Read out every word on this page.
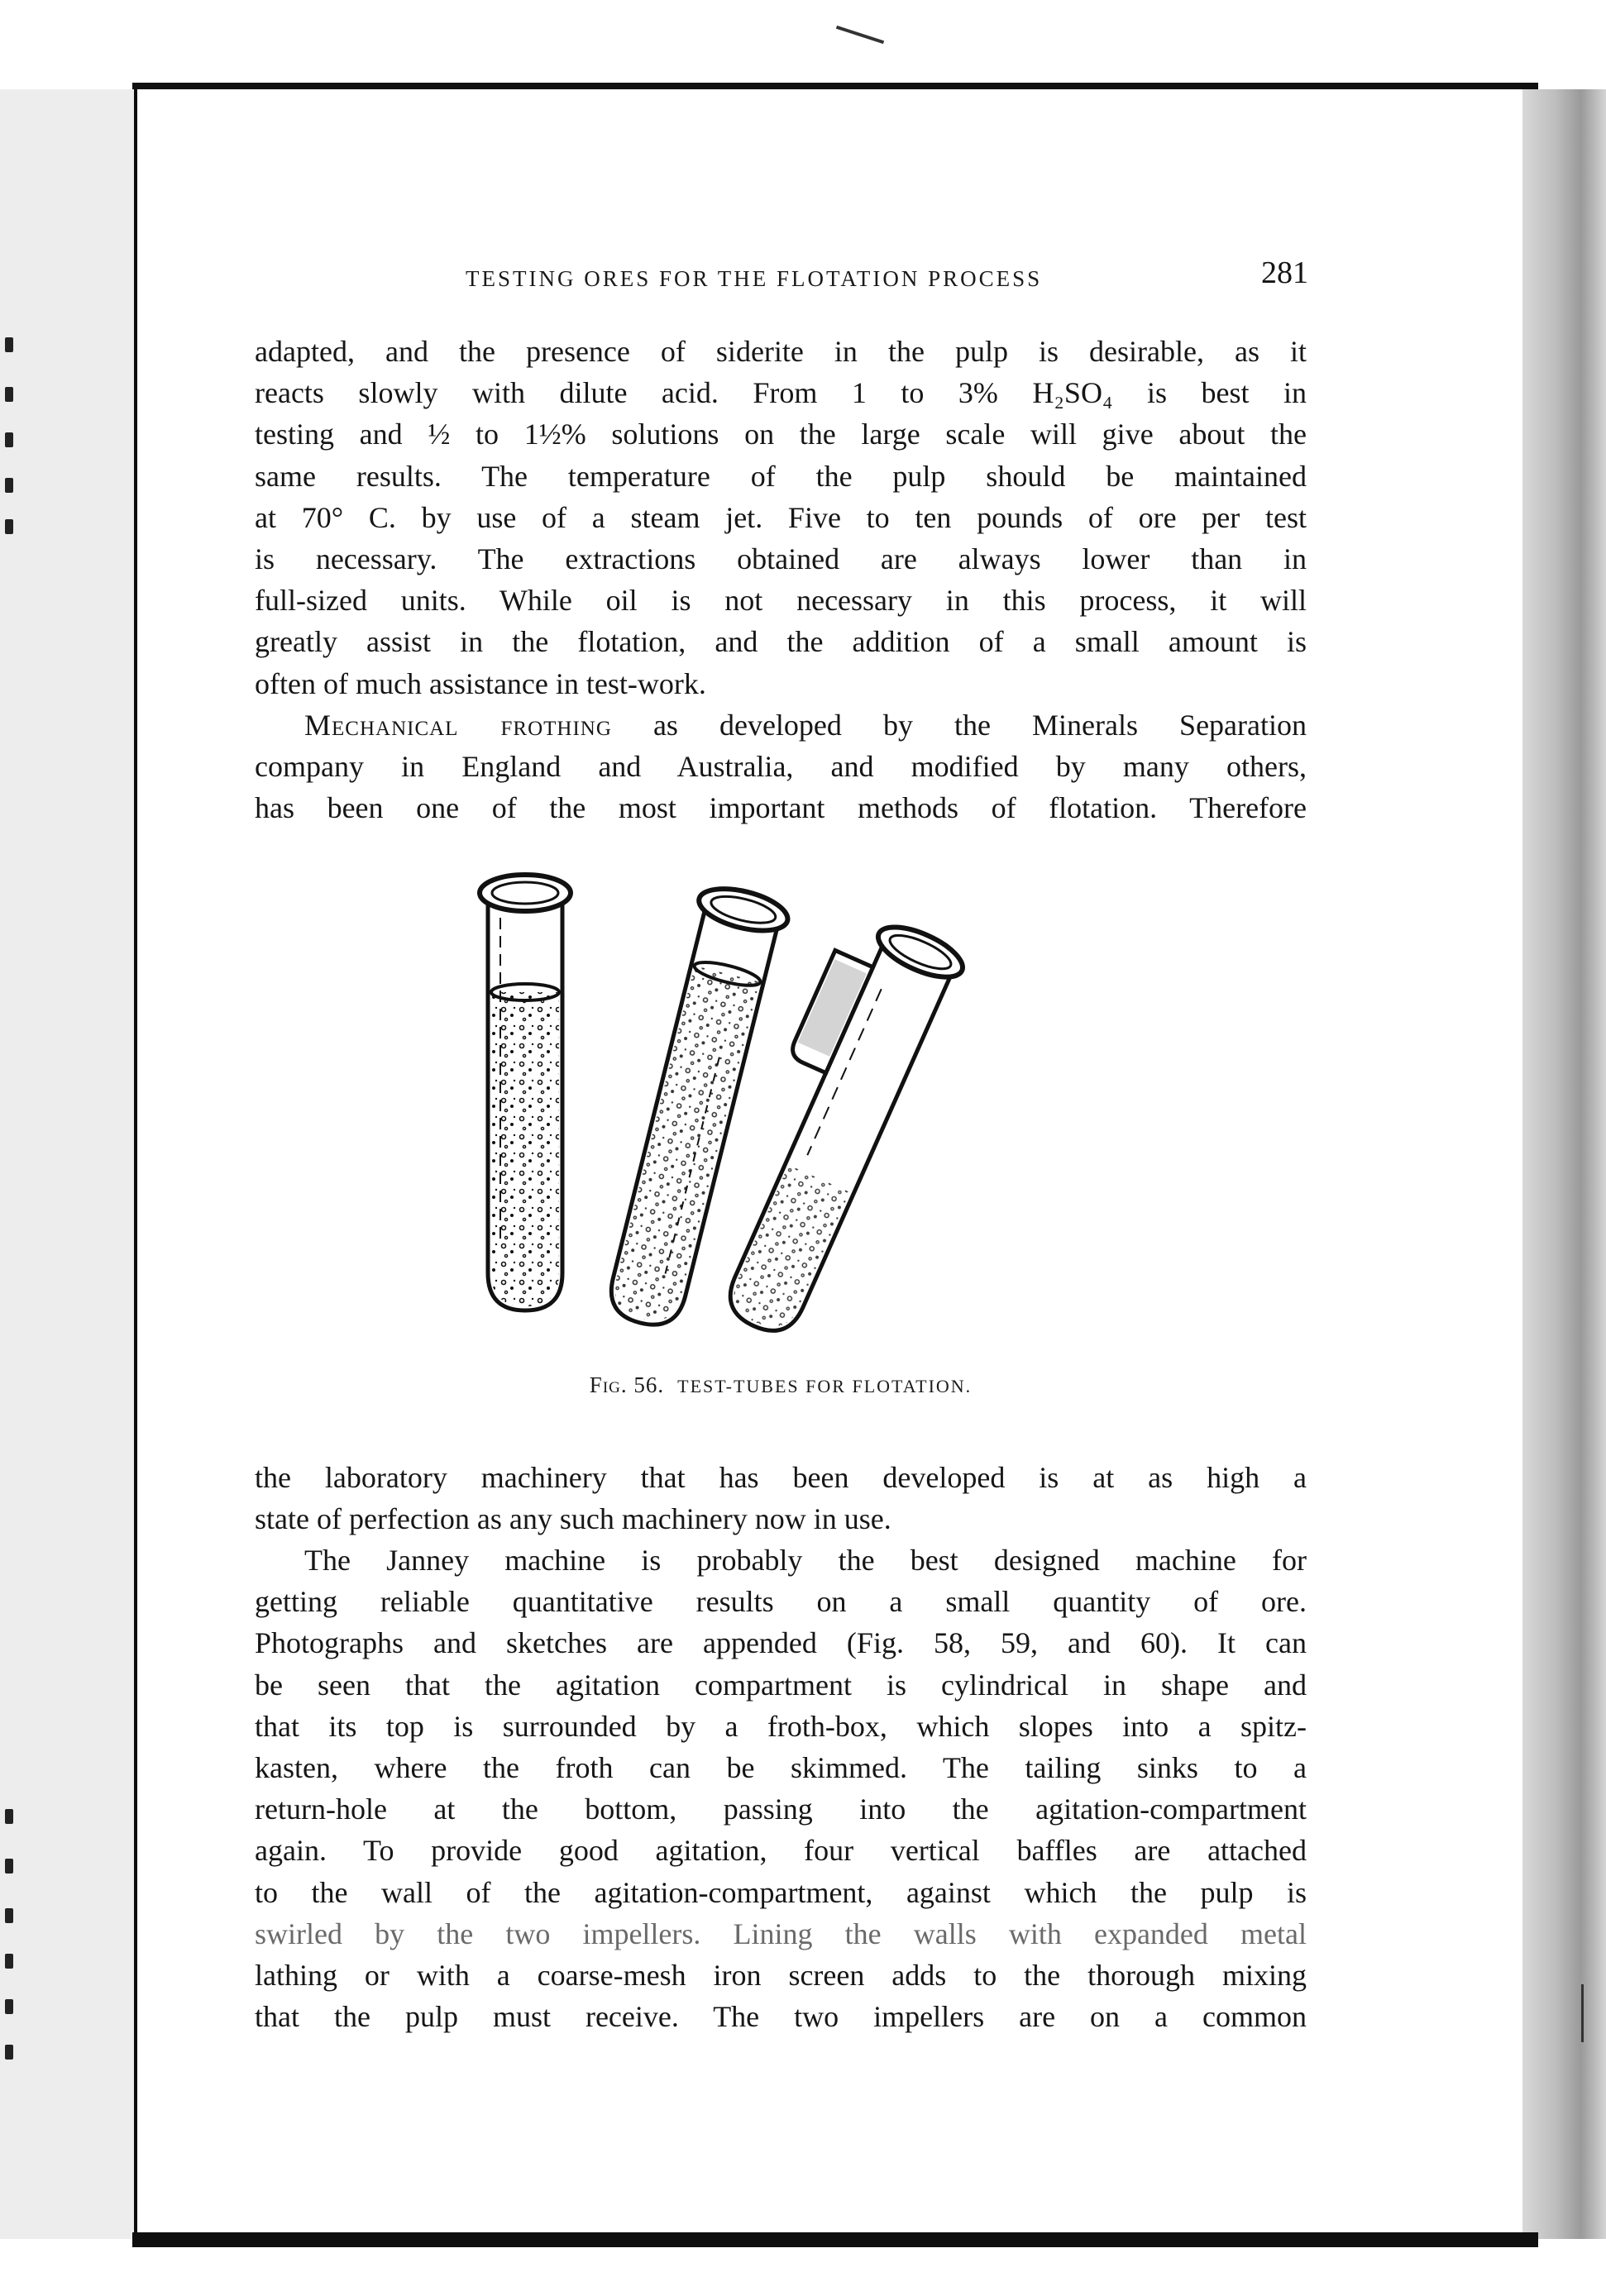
TESTING ORES FOR THE FLOTATION PROCESS	281
adapted, and the presence of siderite in the pulp is desirable, as it
reacts slowly with dilute acid. From 1 to 3% H₂SO₄ is best in
testing and ½ to 1½% solutions on the large scale will give about the
same results. The temperature of the pulp should be maintained
at 70° C. by use of a steam jet. Five to ten pounds of ore per test
is necessary. The extractions obtained are always lower than in
full-sized units. While oil is not necessary in this process, it will
greatly assist in the flotation, and the addition of a small amount is
often of much assistance in test-work.
Mechanical frothing as developed by the Minerals Separation
company in England and Australia, and modified by many others,
has been one of the most important methods of flotation. Therefore
Fig. 56. TEST-TUBES FOR FLOTATION.
the laboratory machinery that has been developed is at as high a
state of perfection as any such machinery now in use.
The Janney machine is probably the best designed machine for
getting reliable quantitative results on a small quantity of ore.
Photographs and sketches are appended (Fig. 58, 59, and 60). It can
be seen that the agitation compartment is cylindrical in shape and
that its top is surrounded by a froth-box, which slopes into a spitz-
kasten, where the froth can be skimmed. The tailing sinks to a
return-hole at the bottom, passing into the agitation-compartment
again. To provide good agitation, four vertical baffles are attached
to the wall of the agitation-compartment, against which the pulp is
swirled by the two impellers. Lining the walls with expanded metal
lathing or with a coarse-mesh iron screen adds to the thorough mixing
that the pulp must receive. The two impellers are on a common
